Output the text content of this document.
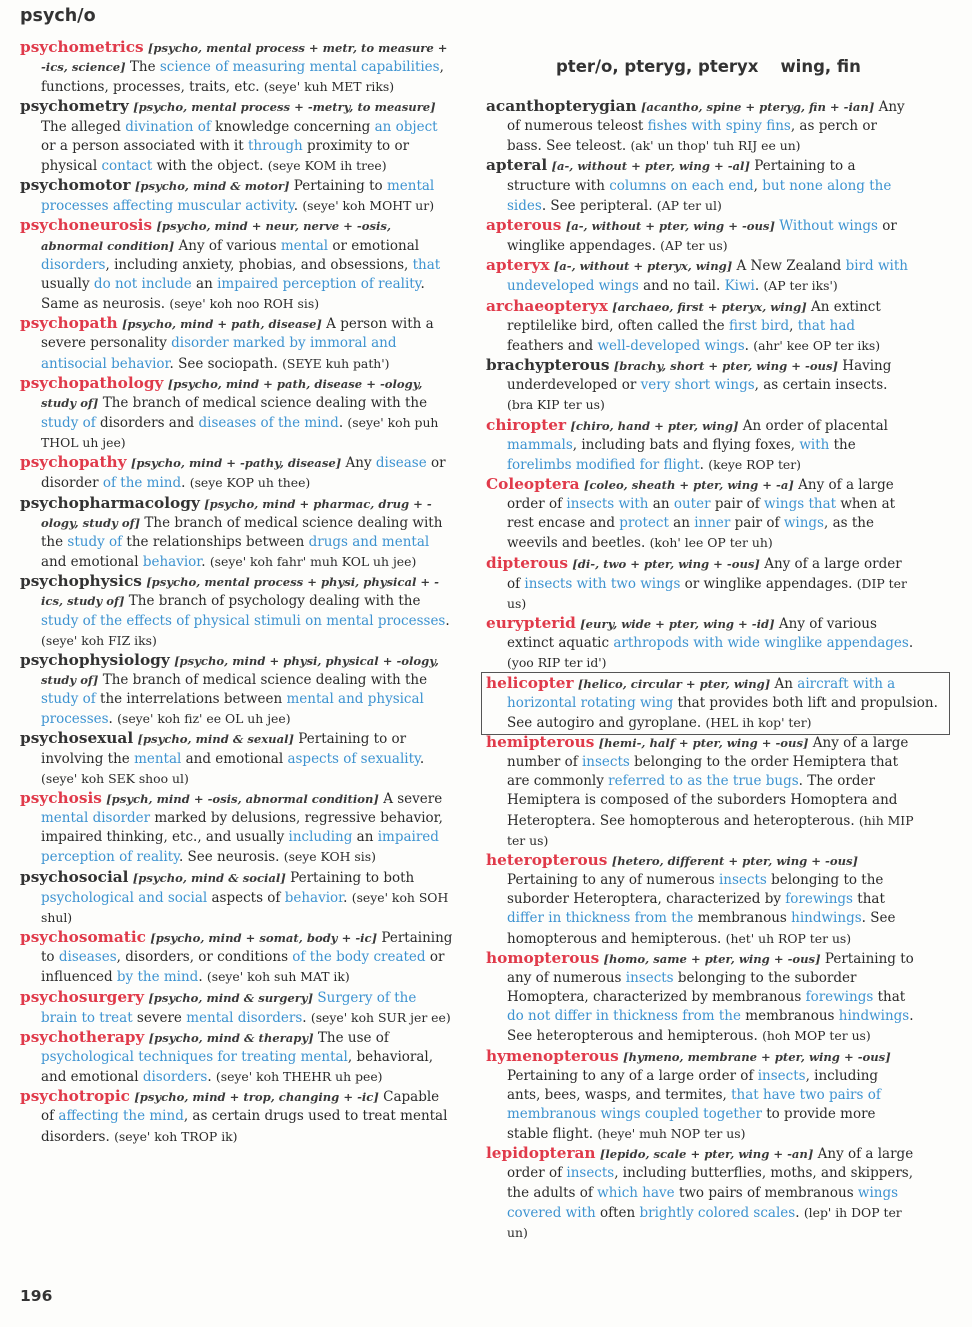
psych/o
pter/o, pteryg, pteryx wing, fin
psychometrics [psycho, mental process + metr, to measure + -ics, science] The science of measuring mental capabilities, functions, processes, traits, etc. (seye' kuh MET riks)
psychometry [psycho, mental process + -metry, to measure] The alleged divination of knowledge concerning an object or a person associated with it through proximity to or physical contact with the object. (seye KOM ih tree)
psychomotor [psycho, mind & motor] Pertaining to mental processes affecting muscular activity. (seye' koh MOHT ur)
psychoneurosis [psycho, mind + neur, nerve + -osis, abnormal condition] Any of various mental or emotional disorders, including anxiety, phobias, and obsessions, that usually do not include an impaired perception of reality. Same as neurosis. (seye' koh noo ROH sis)
psychopath [psycho, mind + path, disease] A person with a severe personality disorder marked by immoral and antisocial behavior. See sociopath. (SEYE kuh path')
psychopathology [psycho, mind + path, disease + -ology, study of] The branch of medical science dealing with the study of disorders and diseases of the mind. (seye' koh puh THOL uh jee)
psychopathy [psycho, mind + -pathy, disease] Any disease or disorder of the mind. (seye KOP uh thee)
psychopharmacology [psycho, mind + pharmac, drug + -ology, study of] The branch of medical science dealing with the study of the relationships between drugs and mental and emotional behavior. (seye' koh fahr' muh KOL uh jee)
psychophysics [psycho, mental process + physi, physical + -ics, study of] The branch of psychology dealing with the study of the effects of physical stimuli on mental processes. (seye' koh FIZ iks)
psychophysiology [psycho, mind + physi, physical + -ology, study of] The branch of medical science dealing with the study of the interrelations between mental and physical processes. (seye' koh fiz' ee OL uh jee)
psychosexual [psycho, mind & sexual] Pertaining to or involving the mental and emotional aspects of sexuality. (seye' koh SEK shoo ul)
psychosis [psych, mind + -osis, abnormal condition] A severe mental disorder marked by delusions, regressive behavior, impaired thinking, etc., and usually including an impaired perception of reality. See neurosis. (seye KOH sis)
psychosocial [psycho, mind & social] Pertaining to both psychological and social aspects of behavior. (seye' koh SOH shul)
psychosomatic [psycho, mind + somat, body + -ic] Pertaining to diseases, disorders, or conditions of the body created or influenced by the mind. (seye' koh suh MAT ik)
psychosurgery [psycho, mind & surgery] Surgery of the brain to treat severe mental disorders. (seye' koh SUR jer ee)
psychotherapy [psycho, mind & therapy] The use of psychological techniques for treating mental, behavioral, and emotional disorders. (seye' koh THEHR uh pee)
psychotropic [psycho, mind + trop, changing + -ic] Capable of affecting the mind, as certain drugs used to treat mental disorders. (seye' koh TROP ik)
acanthopterygian [acantho, spine + pteryg, fin + -ian] Any of numerous teleost fishes with spiny fins, as perch or bass. See teleost. (ak' un thop' tuh RIJ ee un)
apteral [a-, without + pter, wing + -al] Pertaining to a structure with columns on each end, but none along the sides. See peripteral. (AP ter ul)
apterous [a-, without + pter, wing + -ous] Without wings or winglike appendages. (AP ter us)
apteryx [a-, without + pteryx, wing] A New Zealand bird with undeveloped wings and no tail. Kiwi. (AP ter iks')
archaeopteryx [archaeo, first + pteryx, wing] An extinct reptilelike bird, often called the first bird, that had feathers and well-developed wings. (ahr' kee OP ter iks)
brachypterous [brachy, short + pter, wing + -ous] Having underdeveloped or very short wings, as certain insects. (bra KIP ter us)
chiropter [chiro, hand + pter, wing] An order of placental mammals, including bats and flying foxes, with the forelimbs modified for flight. (keye ROP ter)
Coleoptera [coleo, sheath + pter, wing + -a] Any of a large order of insects with an outer pair of wings that when at rest encase and protect an inner pair of wings, as the weevils and beetles. (koh' lee OP ter uh)
dipterous [di-, two + pter, wing + -ous] Any of a large order of insects with two wings or winglike appendages. (DIP ter us)
eurypterid [eury, wide + pter, wing + -id] Any of various extinct aquatic arthropods with wide winglike appendages. (yoo RIP ter id')
helicopter [helico, circular + pter, wing] An aircraft with a horizontal rotating wing that provides both lift and propulsion. See autogiro and gyroplane. (HEL ih kop' ter)
hemipterous [hemi-, half + pter, wing + -ous] Any of a large number of insects belonging to the order Hemiptera that are commonly referred to as the true bugs. The order Hemiptera is composed of the suborders Homoptera and Heteroptera. See homopterous and heteropterous. (hih MIP ter us)
heteropterous [hetero, different + pter, wing + -ous] Pertaining to any of numerous insects belonging to the suborder Heteroptera, characterized by forewings that differ in thickness from the membranous hindwings. See homopterous and hemipterous. (het' uh ROP ter us)
homopterous [homo, same + pter, wing + -ous] Pertaining to any of numerous insects belonging to the suborder Homoptera, characterized by membranous forewings that do not differ in thickness from the membranous hindwings. See heteropterous and hemipterous. (hoh MOP ter us)
hymenopterous [hymeno, membrane + pter, wing + -ous] Pertaining to any of a large order of insects, including ants, bees, wasps, and termites, that have two pairs of membranous wings coupled together to provide more stable flight. (heye' muh NOP ter us)
lepidopteran [lepido, scale + pter, wing + -an] Any of a large order of insects, including butterflies, moths, and skippers, the adults of which have two pairs of membranous wings covered with often brightly colored scales. (lep' ih DOP ter un)
196
